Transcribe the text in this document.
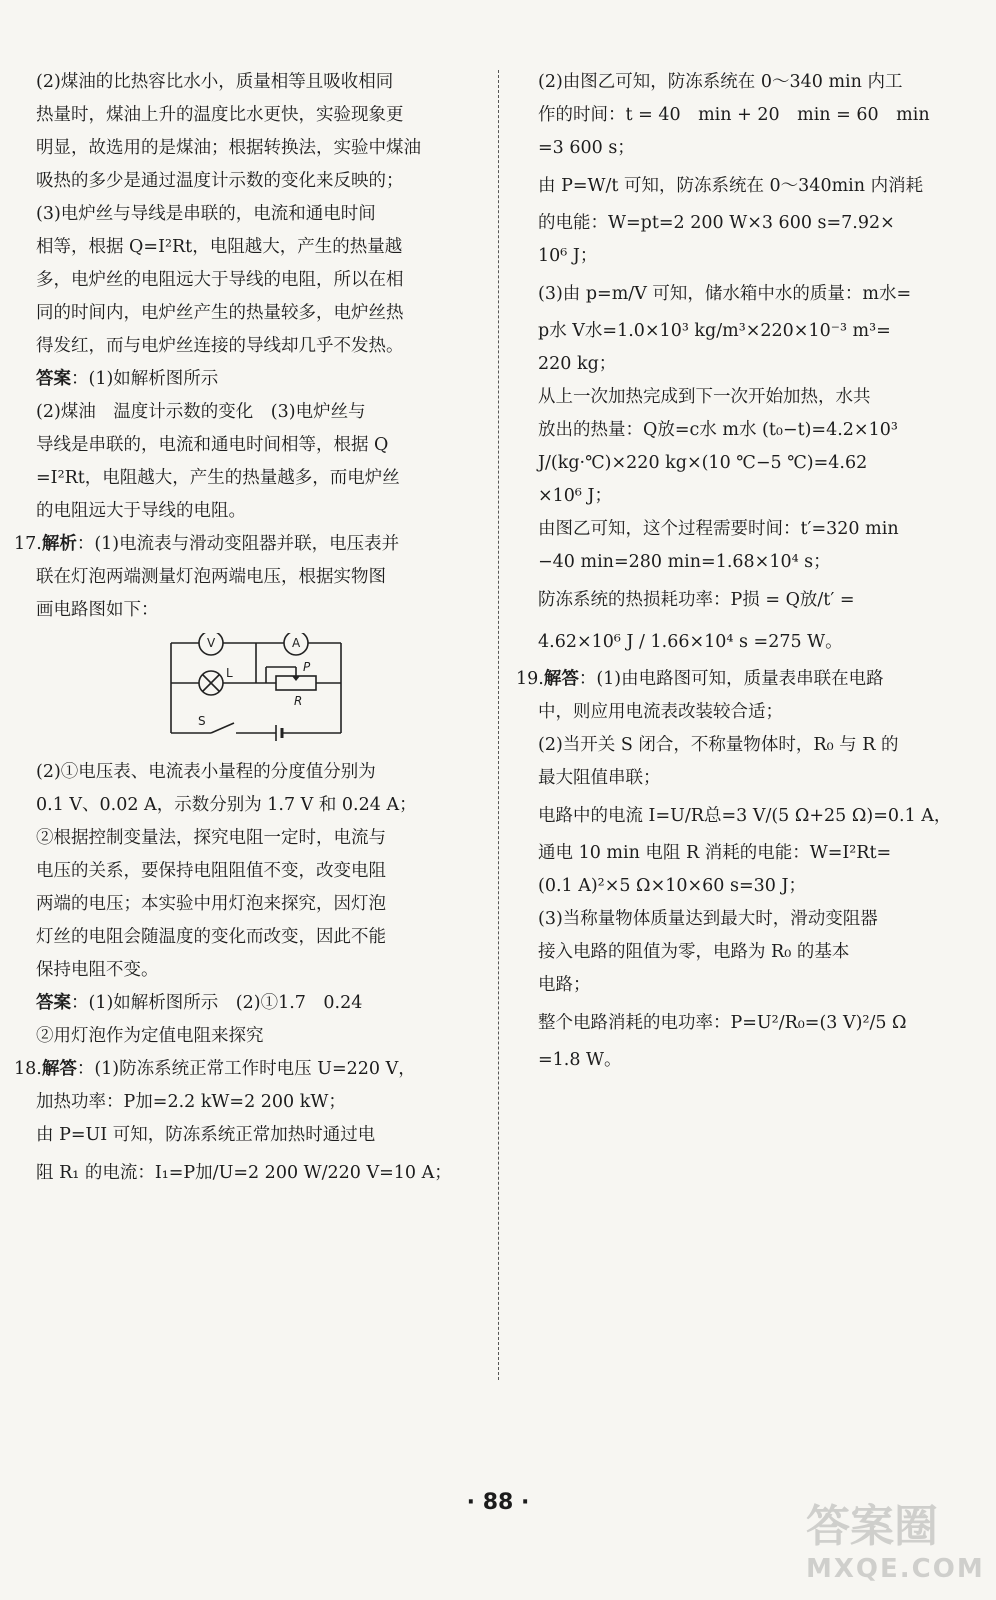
(2)煤油的比热容比水小，质量相等且吸收相同
热量时，煤油上升的温度比水更快，实验现象更
明显，故选用的是煤油；根据转换法，实验中煤油
吸热的多少是通过温度计示数的变化来反映的；
(3)电炉丝与导线是串联的，电流和通电时间
相等，根据 Q=I²Rt，电阻越大，产生的热量越
多，电炉丝的电阻远大于导线的电阻，所以在相
同的时间内，电炉丝产生的热量较多，电炉丝热
得发红，而与电炉丝连接的导线却几乎不发热。
答案：(1)如解析图所示
(2)煤油　温度计示数的变化　(3)电炉丝与
导线是串联的，电流和通电时间相等，根据 Q
=I²Rt，电阻越大，产生的热量越多，而电炉丝
的电阻远大于导线的电阻。
17.解析：(1)电流表与滑动变阻器并联，电压表并
联在灯泡两端测量灯泡两端电压，根据实物图
画电路图如下：
V	A
L	P
R
S
(2)①电压表、电流表小量程的分度值分别为
0.1 V、0.02 A，示数分别为 1.7 V 和 0.24 A；
②根据控制变量法，探究电阻一定时，电流与
电压的关系，要保持电阻阻值不变，改变电阻
两端的电压；本实验中用灯泡来探究，因灯泡
灯丝的电阻会随温度的变化而改变，因此不能
保持电阻不变。
答案：(1)如解析图所示　(2)①1.7　0.24
②用灯泡作为定值电阻来探究
18.解答：(1)防冻系统正常工作时电压 U=220 V，
加热功率：P加=2.2 kW=2 200 kW；
由 P=UI 可知，防冻系统正常加热时通过电
阻 R₁ 的电流：I₁=P加/U=2 200 W/220 V=10 A；
(2)由图乙可知，防冻系统在 0～340 min 内工
作的时间：t = 40　min + 20　min = 60　min
=3 600 s；
由 P=W/t 可知，防冻系统在 0～340min 内消耗
的电能：W=pt=2 200 W×3 600 s=7.92×
10⁶ J；
(3)由 p=m/V 可知，储水箱中水的质量：m水=
p水 V水=1.0×10³ kg/m³×220×10⁻³ m³=
220 kg；
从上一次加热完成到下一次开始加热，水共
放出的热量：Q放=c水 m水 (t₀−t)=4.2×10³
J/(kg·℃)×220 kg×(10 ℃−5 ℃)=4.62
×10⁶ J；
由图乙可知，这个过程需要时间：t′=320 min
−40 min=280 min=1.68×10⁴ s；
防冻系统的热损耗功率：P损 = Q放/t′ =
4.62×10⁶ J / 1.66×10⁴ s =275 W。
19.解答：(1)由电路图可知，质量表串联在电路
中，则应用电流表改装较合适；
(2)当开关 S 闭合，不称量物体时，R₀ 与 R 的
最大阻值串联；
电路中的电流 I=U/R总=3 V/(5 Ω+25 Ω)=0.1 A，
通电 10 min 电阻 R 消耗的电能：W=I²Rt=
(0.1 A)²×5 Ω×10×60 s=30 J；
(3)当称量物体质量达到最大时，滑动变阻器
接入电路的阻值为零，电路为 R₀ 的基本
电路；
整个电路消耗的电功率：P=U²/R₀=(3 V)²/5 Ω
=1.8 W。
· 88 ·	答案圈
MXQE.COM
